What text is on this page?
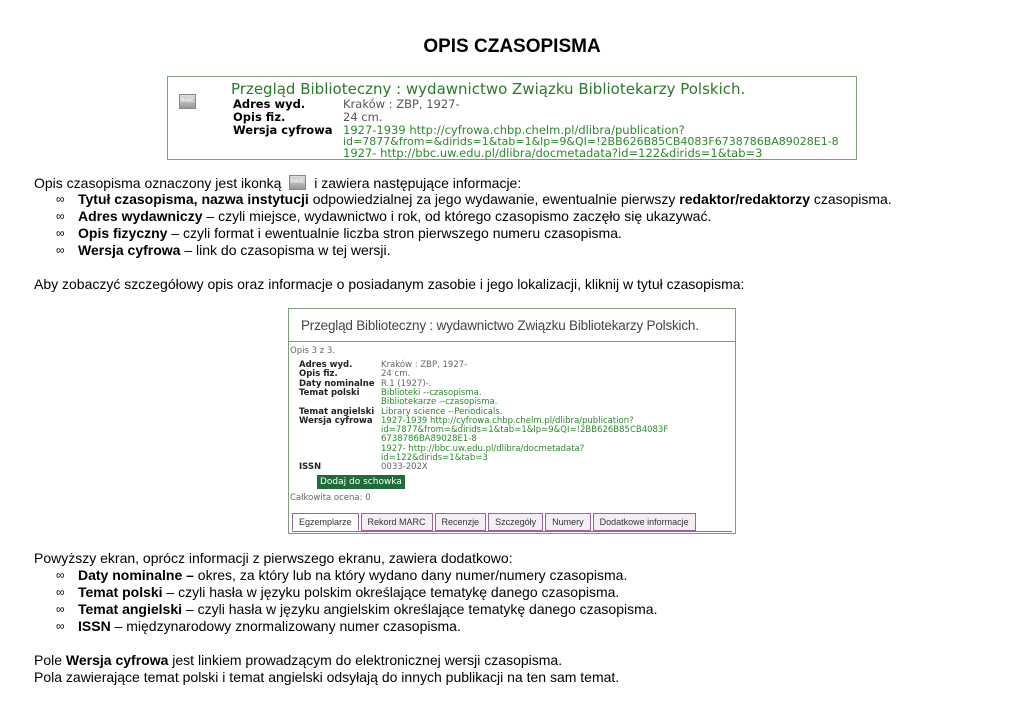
OPIS CZASOPISMA
Przegląd Biblioteczny : wydawnictwo Związku Bibliotekarzy Polskich.
MARC	Adres wyd.	Kraków : ZBP, 1927-
Opis fiz.	24 cm.
Wersja cyfrowa 1927-1939 http://cyfrowa.chbp.chelm.pl/dlibra/publication?
id=7877&from=&dirids=1&tab=1&lp=9&QI=!2BB626B85CB4083F6738786BA89028E1-8
1927- http://bbc.uw.edu.pl/dlibra/docmetadata?id=122&dirids=1&tab=3
Opis czasopisma oznaczony jest ikonką MARC i zawiera następujące informacje:
∞ Tytuł czasopisma, nazwa instytucji odpowiedzialnej za jego wydawanie, ewentualnie pierwszy redaktor/redaktorzy czasopisma.
∞ Adres wydawniczy – czyli miejsce, wydawnictwo i rok, od którego czasopismo zaczęło się ukazywać.
∞ Opis fizyczny – czyli format i ewentualnie liczba stron pierwszego numeru czasopisma.
∞ Wersja cyfrowa – link do czasopisma w tej wersji.
Aby zobaczyć szczegółowy opis oraz informacje o posiadanym zasobie i jego lokalizacji, kliknij w tytuł czasopisma:
Przegląd Biblioteczny : wydawnictwo Związku Bibliotekarzy Polskich.
Opis 3 z 3.
Adres wyd.	Kraków : ZBP, 1927-
Opis fiz.	24 cm.
Daty nominalne R.1 (1927)-.
Temat polski	Biblioteki --czasopisma.
Bibliotekarze --czasopisma.
Temat angielski Library science --Periodicals.
Wersja cyfrowa 1927-1939 http://cyfrowa.chbp.chelm.pl/dlibra/publication?
id=7877&from=&dirids=1&tab=1&lp=9&QI=!2BB626B85CB4083F
6738786BA89028E1-8
1927- http://bbc.uw.edu.pl/dlibra/docmetadata?
id=122&dirids=1&tab=3
ISSN	0033-202X
Dodaj do schowka
Całkowita ocena: 0
Egzemplarze	Rekord MARC	Recenzje	Szczegóły	Numery	Dodatkowe informacje
Powyższy ekran, oprócz informacji z pierwszego ekranu, zawiera dodatkowo:
∞ Daty nominalne – okres, za który lub na który wydano dany numer/numery czasopisma.
∞ Temat polski – czyli hasła w języku polskim określające tematykę danego czasopisma.
∞ Temat angielski – czyli hasła w języku angielskim określające tematykę danego czasopisma.
∞ ISSN – międzynarodowy znormalizowany numer czasopisma.
Pole Wersja cyfrowa jest linkiem prowadzącym do elektronicznej wersji czasopisma.
Pola zawierające temat polski i temat angielski odsyłają do innych publikacji na ten sam temat.
